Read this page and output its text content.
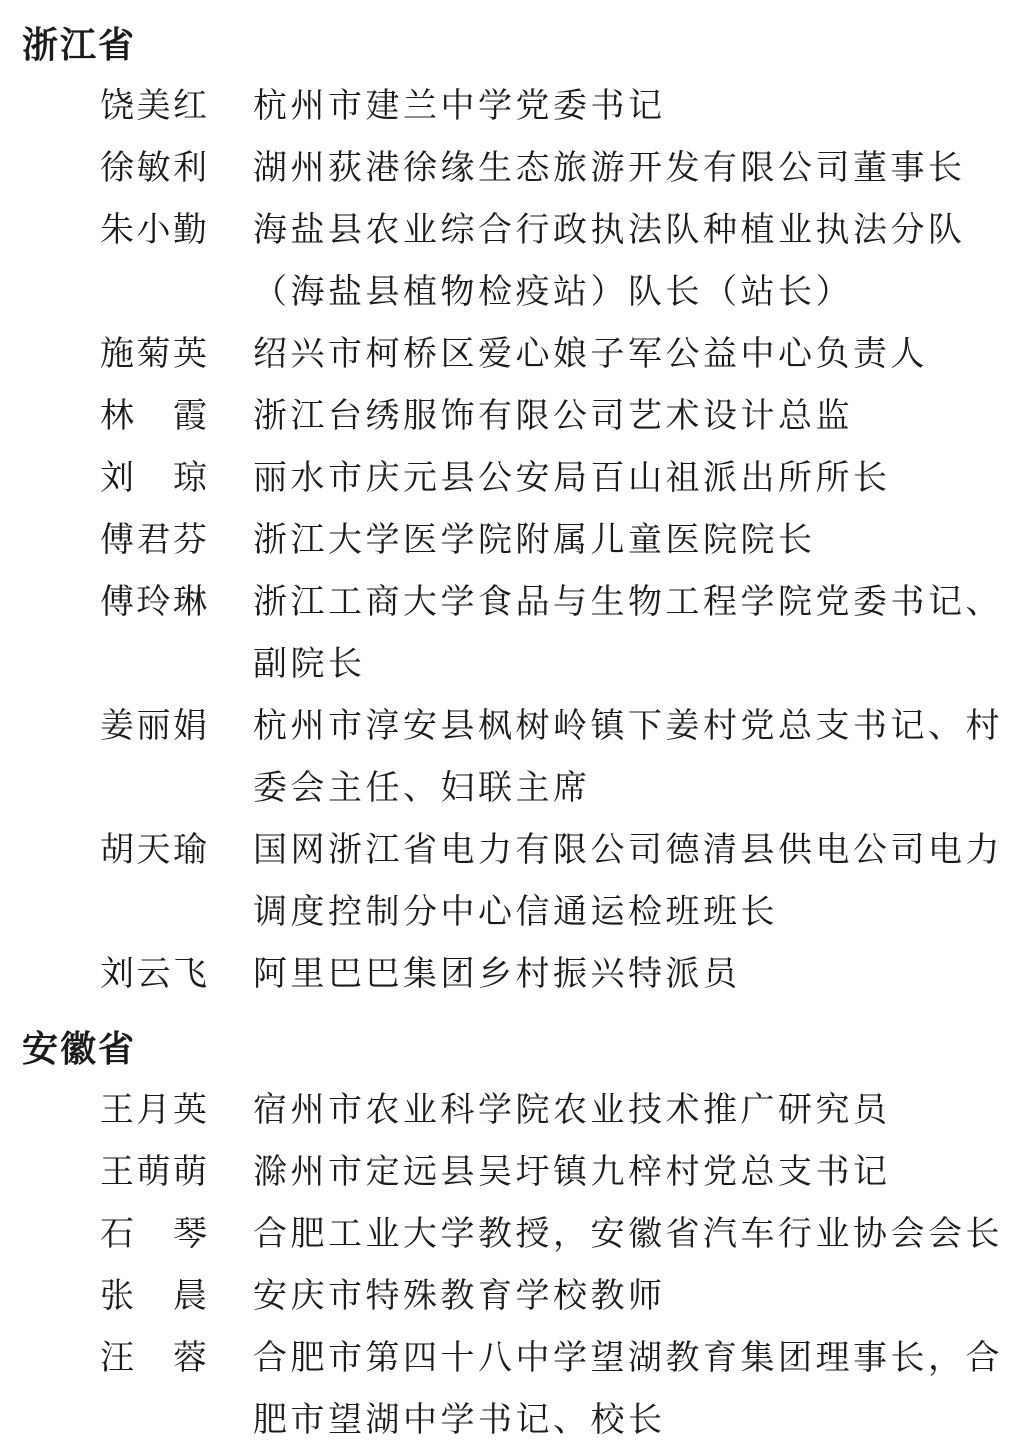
浙江省
饶 美 红 杭州市建兰中学党委书记
徐 敏 利 湖州荻港徐缘生态旅游开发有限公司董事长
朱 小 勤 海盐县农业综合行政执法队种植业执法分队（海盐县植物检疫站）队长（站长）
施 菊 英 绍兴市柯桥区爱心娘子军公益中心负责人
林 霞 浙江台绣服饰有限公司艺术设计总监
刘 琼 丽水市庆元县公安局百山祖派出所所长
傅 君 芬 浙江大学医学院附属儿童医院院长
傅 玲 琳 浙江工商大学食品与生物工程学院党委书记、副院长
姜 丽 娟 杭州市淳安县枫树岭镇下姜村党总支书记、村委会主任、妇联主席
胡 天 瑜 国网浙江省电力有限公司德清县供电公司电力调度控制分中心信通运检班班长
刘 云 飞 阿里巴巴集团乡村振兴特派员
安徽省
王 月 英 宿州市农业科学院农业技术推广研究员
王 萌 萌 滁州市定远县吴圩镇九梓村党总支书记
石 琴 合肥工业大学教授，安徽省汽车行业协会会长
张 晨 安庆市特殊教育学校教师
汪 蓉 合肥市第四十八中学望湖教育集团理事长，合肥市望湖中学书记、校长
